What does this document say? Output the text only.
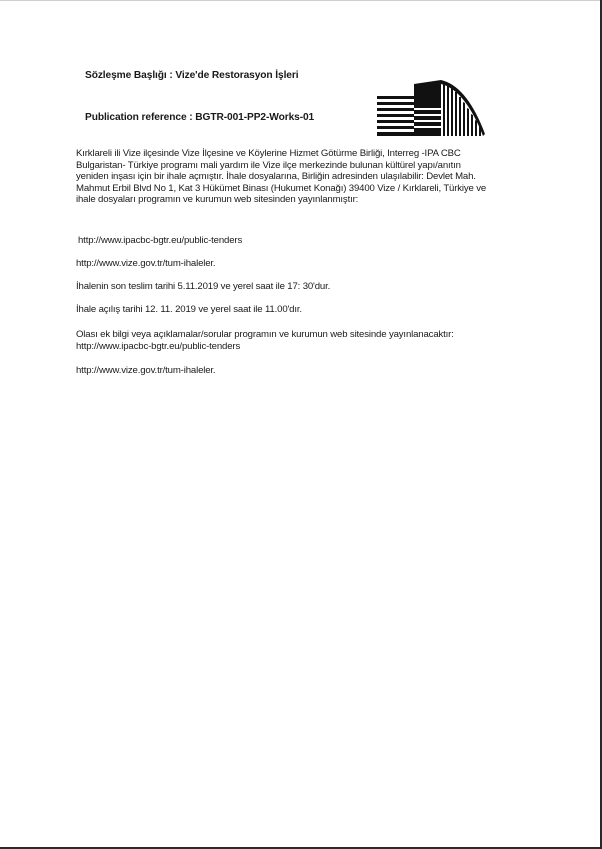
Sözleşme Başlığı : Vize'de Restorasyon İşleri
Publication reference : BGTR-001-PP2-Works-01
Kırklareli ili Vize ilçesinde Vize İlçesine ve Köylerine Hizmet Götürme Birliği, Interreg -IPA CBC
Bulgaristan- Türkiye programı mali yardım ile Vize ilçe merkezinde bulunan kültürel yapı/anıtın
yeniden inşası için bir ihale açmıştır. İhale dosyalarına, Birliğin adresinden ulaşılabilir: Devlet Mah.
Mahmut Erbil Blvd No 1, Kat 3 Hükümet Binası (Hukumet Konağı) 39400 Vize / Kırklareli, Türkiye ve
ihale dosyaları programın ve kurumun web sitesinden yayınlanmıştır:
http://www.ipacbc-bgtr.eu/public-tenders
http://www.vize.gov.tr/tum-ihaleler.
İhalenin son teslim tarihi 5.11.2019 ve yerel saat ile 17: 30'dur.
İhale açılış tarihi 12. 11. 2019 ve yerel saat ile 11.00'dır.
Olası ek bilgi veya açıklamalar/sorular programın ve kurumun web sitesinde yayınlanacaktır:
http://www.ipacbc-bgtr.eu/public-tenders
http://www.vize.gov.tr/tum-ihaleler.
